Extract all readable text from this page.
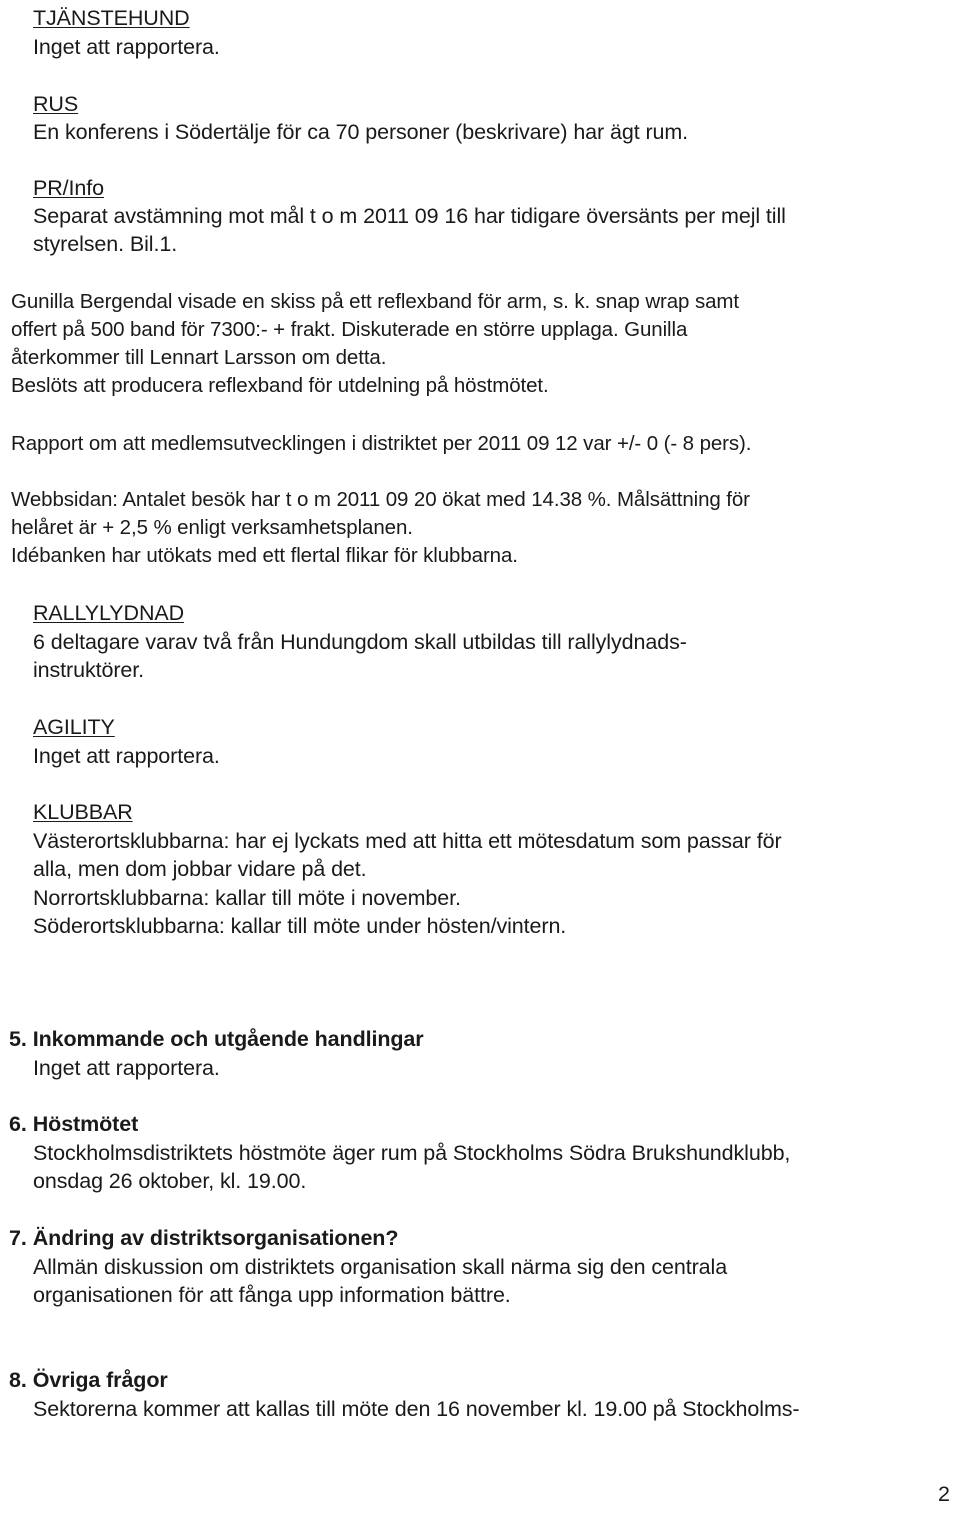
TJÄNSTEHUND

Inget att rapportera.

RUS

En konferens i Södertälje för ca 70 personer (beskrivare) har ägt rum.

PR/Info

Separat avstämning mot mål t o m 2011 09 16 har tidigare översänts per mejl till

styrelsen. Bil.1.

Gunilla Bergendal visade en skiss på ett reflexband för arm, s. k. snap wrap samt

offert på 500 band för 7300:- + frakt. Diskuterade en större upplaga. Gunilla

återkommer till Lennart Larsson om detta.

Beslöts att producera reflexband för utdelning på höstmötet.

Rapport om att medlemsutvecklingen i distriktet per 2011 09 12 var +/- 0 (- 8 pers).

Webbsidan: Antalet besök har t o m 2011 09 20 ökat med 14.38 %. Målsättning för

helåret är + 2,5 % enligt verksamhetsplanen.

Idébanken har utökats med ett flertal flikar för klubbarna.

RALLYLYDNAD

6 deltagare varav två från Hundungdom skall utbildas till rallylydnads-

instruktörer.

AGILITY

Inget att rapportera.

KLUBBAR

Västerortsklubbarna: har ej lyckats med att hitta ett mötesdatum som passar för

alla, men dom jobbar vidare på det.

Norrortsklubbarna: kallar till möte i november.

Söderortsklubbarna: kallar till möte under hösten/vintern.

5. Inkommande och utgående handlingar

Inget att rapportera.

6. Höstmötet

Stockholmsdistriktets höstmöte äger rum på Stockholms Södra Brukshundklubb,

onsdag 26 oktober, kl. 19.00.

7. Ändring av distriktsorganisationen?

Allmän diskussion om distriktets organisation skall närma sig den centrala

organisationen för att fånga upp information bättre.

8. Övriga frågor

Sektorerna kommer att kallas till möte den 16 november kl. 19.00 på Stockholms-

2
